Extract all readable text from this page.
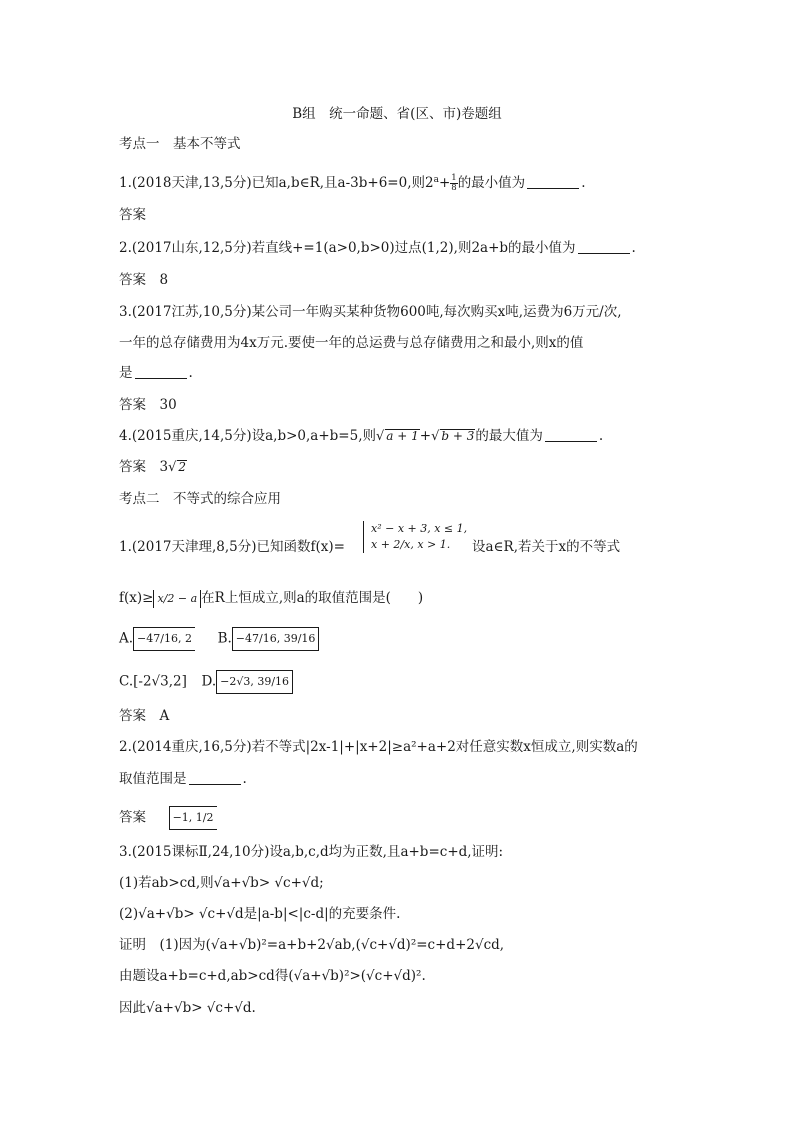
B组　统一命题、省(区、市)卷题组
考点一　基本不等式
1.(2018天津,13,5分)已知a,b∈R,且a-3b+6=0,则$2^a+ \frac{1}{8}$ 的最小值为	.
答案
2.(2017山东,12,5分)若直线+=1(a>0,b>0)过点(1,2),则2a+b的最小值为	.
答案　8
3.(2017江苏,10,5分)某公司一年购买某种货物600吨,每次购买x吨,运费为6万元/次,
一年的总存储费用为4x万元.要使一年的总运费与总存储费用之和最小,则x的值
是	.
答案　30
4.(2015重庆,14,5分)设a,b>0,a+b=5,则√ a + 1+√ b + 3的最大值为	.
答案　3√ 2
考点二　不等式的综合应用
1.(2017天津理,8,5分)已知函数f(x)=
x² − x + 3, x ≤ 1,
x + 2/x, x > 1. 设a∈R,若关于x的不等式
f(x)≥ x/2 − a 在R上恒成立,则a的取值范围是(　　)
A. −47/16, 2 B. −47/16, 39/16
C.[-2√3,2] D. −2√3, 39/16
答案　A
2.(2014重庆,16,5分)若不等式|2x-1|+|x+2|≥a²+a+2对任意实数x恒成立,则实数a的
取值范围是	.
答案 −1, 1/2
3.(2015课标Ⅱ,24,10分)设a,b,c,d均为正数,且a+b=c+d,证明:
(1)若ab>cd,则√a+√b> √c+√d;
(2)√a+√b> √c+√d是|a-b|<|c-d|的充要条件.
证明　(1)因为(√a+√b)²=a+b+2√ab,(√c+√d)²=c+d+2√cd,
由题设a+b=c+d,ab>cd得(√a+√b)²>(√c+√d)².
因此√a+√b> √c+√d.
